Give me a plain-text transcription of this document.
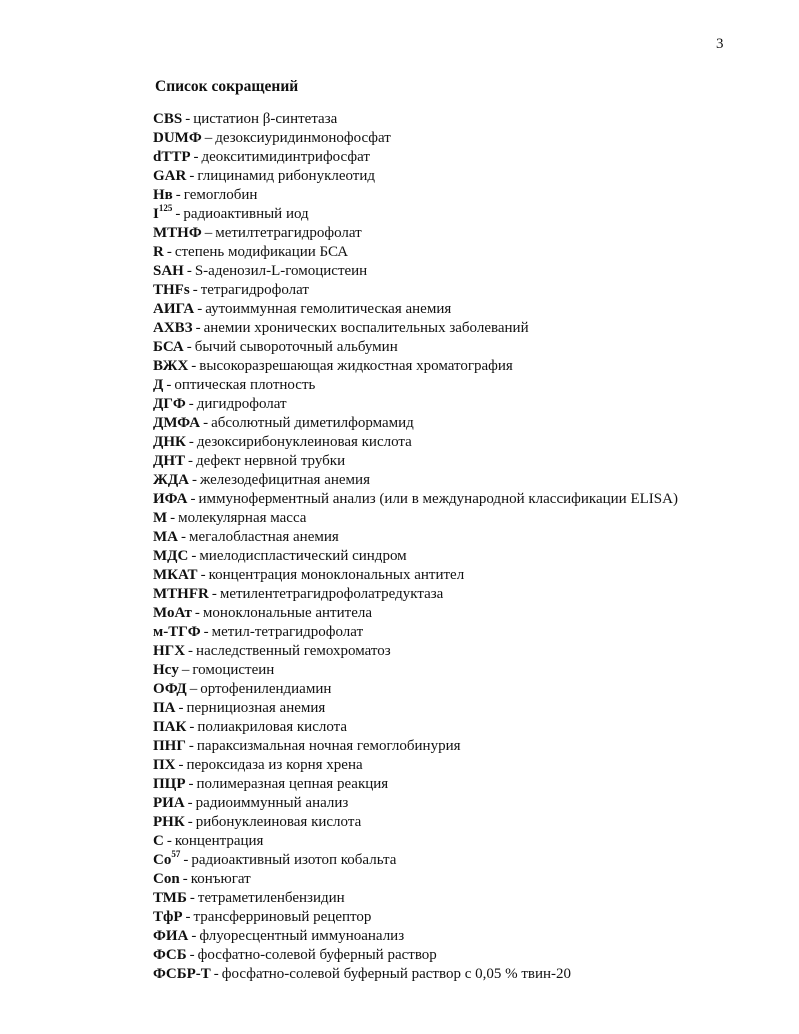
3
Список сокращений
CBS - цистатион β-синтетаза
DUMФ – дезоксиуридинмонофосфат
dTTP - деокситимидинтрифосфат
GAR - глицинамид рибонуклеотид
Нв - гемоглобин
$I^{125}$ - радиоактивный иод
МТНФ – метилтетрагидрофолат
R - степень модификации БСА
SAH - S-аденозил-L-гомоцистеин
THFs - тетрагидрофолат
АИГА - аутоиммунная гемолитическая анемия
АХВЗ - анемии хронических воспалительных заболеваний
БСА - бычий сывороточный альбумин
ВЖХ - высокоразрешающая жидкостная хроматография
Д - оптическая плотность
ДГФ - дигидрофолат
ДМФА - абсолютный диметилформамид
ДНК - дезоксирибонуклеиновая кислота
ДНТ - дефект нервной трубки
ЖДА - железодефицитная анемия
ИФА - иммуноферментный анализ (или в международной классификации ELISA)
М - молекулярная масса
МА - мегалобластная анемия
МДС - миелодиспластический синдром
МКАТ - концентрация моноклональных антител
MTHFR - метилентетрагидрофолатредуктаза
МоАт - моноклональные антитела
м-ТГФ - метил-тетрагидрофолат
НГХ - наследственный гемохроматоз
Hcy – гомоцистеин
ОФД – ортофенилендиамин
ПА - пернициозная анемия
ПАК - полиакриловая кислота
ПНГ - параксизмальная ночная гемоглобинурия
ПХ - пероксидаза из корня хрена
ПЦР - полимеразная цепная реакция
РИА - радиоиммунный анализ
РНК - рибонуклеиновая кислота
С - концентрация
$Со^{57}$ - радиоактивный изотоп кобальта
Con - конъюгат
ТМБ - тетраметиленбензидин
ТфР - трансферриновый рецептор
ФИА - флуоресцентный иммуноанализ
ФСБ - фосфатно-солевой буферный раствор
ФСБР-Т - фосфатно-солевой буферный раствор с 0,05 % твин-20
